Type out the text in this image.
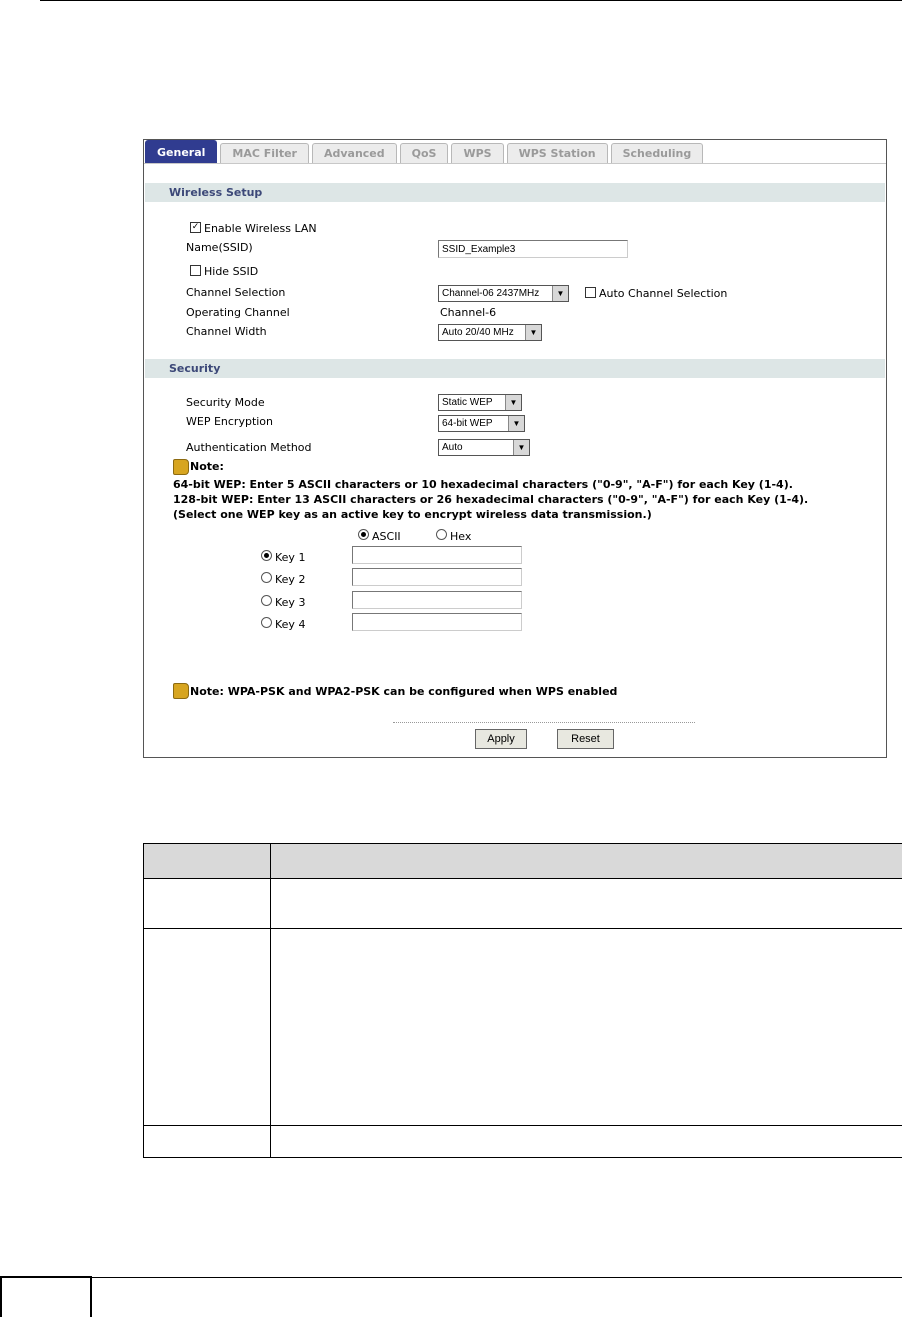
General	MAC Filter	Advanced	QoS	WPS	WPS Station	Scheduling
Wireless Setup
✓ Enable Wireless LAN
Name(SSID)	SSID_Example3
Hide SSID
Channel Selection	Channel-06 2437MHz	▼	Auto Channel Selection
Operating Channel	Channel-6
Channel Width	Auto 20/40 MHz	▼
Security
Security Mode	Static WEP	▼
WEP Encryption	64-bit WEP	▼
Authentication Method	Auto	▼
Note:
64-bit WEP: Enter 5 ASCII characters or 10 hexadecimal characters ("0-9", "A-F") for each Key (1-4).
128-bit WEP: Enter 13 ASCII characters or 26 hexadecimal characters ("0-9", "A-F") for each Key (1-4).
(Select one WEP key as an active key to encrypt wireless data transmission.)
ASCII	Hex
Key 1
Key 2
Key 3
Key 4
Note: WPA-PSK and WPA2-PSK can be configured when WPS enabled
Apply	Reset
